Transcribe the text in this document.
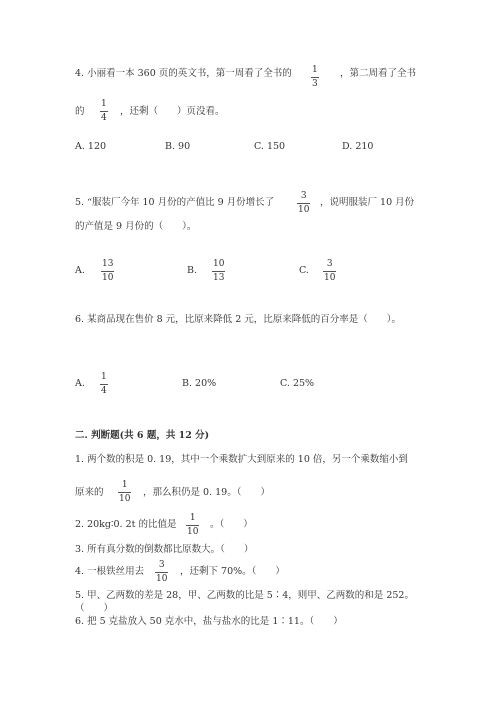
4. 小丽看一本 360 页的英文书，第一周看了全书的 1
3
，第二周看了全书
的
1
4
，还剩（　　）页没看。
A. 120	B. 90	C. 150	D. 210
5. “服装厂今年 10 月份的产值比 9 月份增长了
3
10
，说明服装厂 10 月份
的产值是 9 月份的（　　）。
A.
13
10
B.
10
13
C.
3
10
6. 某商品现在售价 8 元，比原来降低 2 元，比原来降低的百分率是（　　）。
A.
1
4
B. 20%	C. 25%
二. 判断题(共 6 题，共 12 分)
1. 两个数的积是 0. 19，其中一个乘数扩大到原来的 10 倍，另一个乘数缩小到
原来的
1
10
，那么积仍是 0. 19。（　　）
2. 20kg∶0. 2t 的比值是
1
10
。（　　）
3. 所有真分数的倒数都比原数大。（　　）
4. 一根铁丝用去
3
10
，还剩下 70%。（　　）
5. 甲、乙两数的差是 28，甲、乙两数的比是 5∶4，则甲、乙两数的和是 252。
（　　）
6. 把 5 克盐放入 50 克水中，盐与盐水的比是 1∶11。（　　）
